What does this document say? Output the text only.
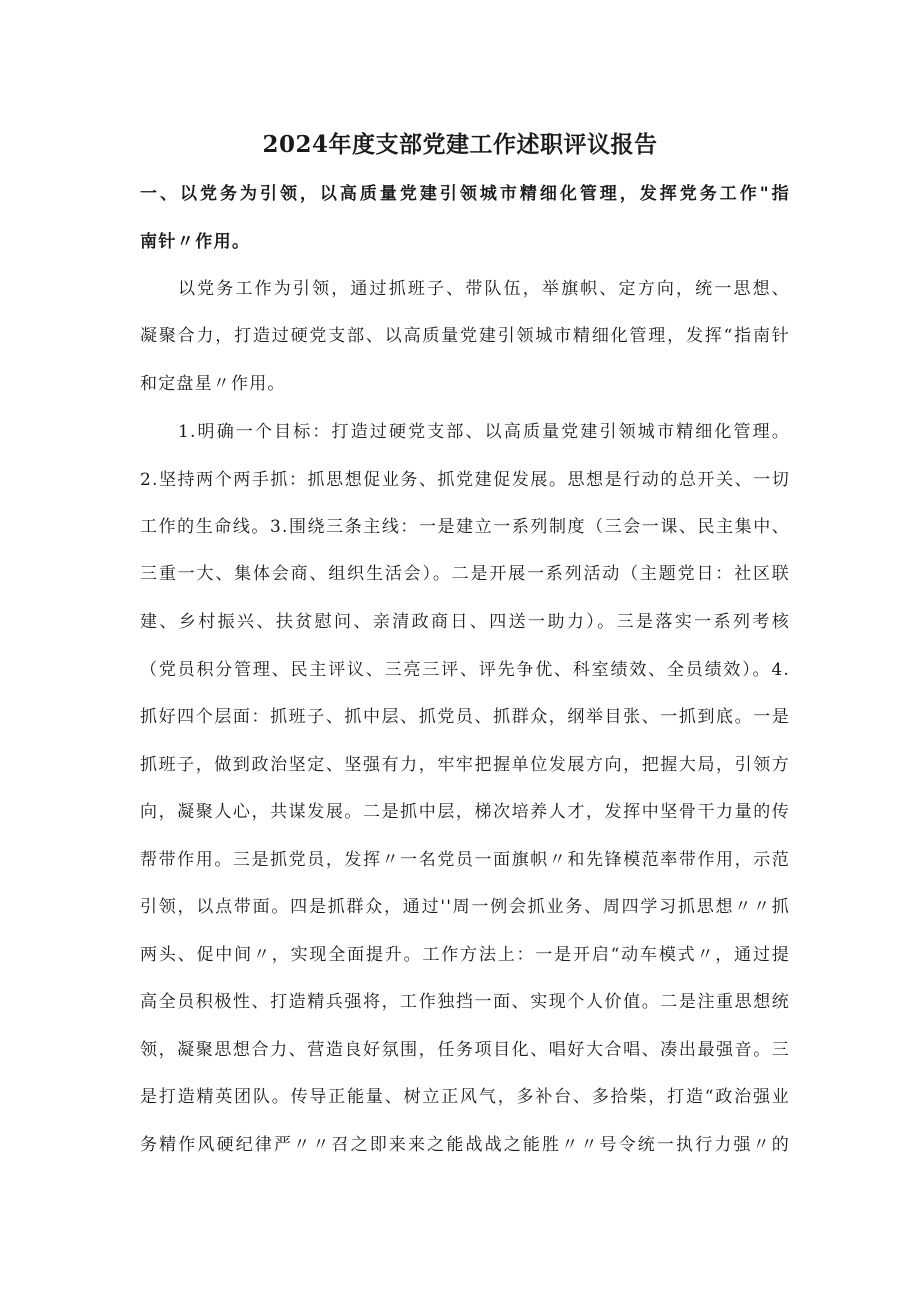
2024年度支部党建工作述职评议报告
一、以党务为引领，以高质量党建引领城市精细化管理，发挥党务工作"指
南针〃作用。
以党务工作为引领，通过抓班子、带队伍，举旗帜、定方向，统一思想、
凝聚合力，打造过硬党支部、以高质量党建引领城市精细化管理，发挥“指南针
和定盘星〃作用。
1.明确一个目标：打造过硬党支部、以高质量党建引领城市精细化管理。
2.坚持两个两手抓：抓思想促业务、抓党建促发展。思想是行动的总开关、一切
工作的生命线。3.围绕三条主线：一是建立一系列制度（三会一课、民主集中、
三重一大、集体会商、组织生活会）。二是开展一系列活动（主题党日：社区联
建、乡村振兴、扶贫慰问、亲清政商日、四送一助力）。三是落实一系列考核
（党员积分管理、民主评议、三亮三评、评先争优、科室绩效、全员绩效）。4.
抓好四个层面：抓班子、抓中层、抓党员、抓群众，纲举目张、一抓到底。一是
抓班子，做到政治坚定、坚强有力，牢牢把握单位发展方向，把握大局，引领方
向，凝聚人心，共谋发展。二是抓中层，梯次培养人才，发挥中坚骨干力量的传
帮带作用。三是抓党员，发挥〃一名党员一面旗帜〃和先锋模范率带作用，示范
引领，以点带面。四是抓群众，通过''周一例会抓业务、周四学习抓思想〃〃抓
两头、促中间〃，实现全面提升。工作方法上：一是开启“动车模式〃，通过提
高全员积极性、打造精兵强将，工作独挡一面、实现个人价值。二是注重思想统
领，凝聚思想合力、营造良好氛围，任务项目化、唱好大合唱、凑出最强音。三
是打造精英团队。传导正能量、树立正风气，多补台、多拾柴，打造“政治强业
务精作风硬纪律严〃〃召之即来来之能战战之能胜〃〃号令统一执行力强〃的
